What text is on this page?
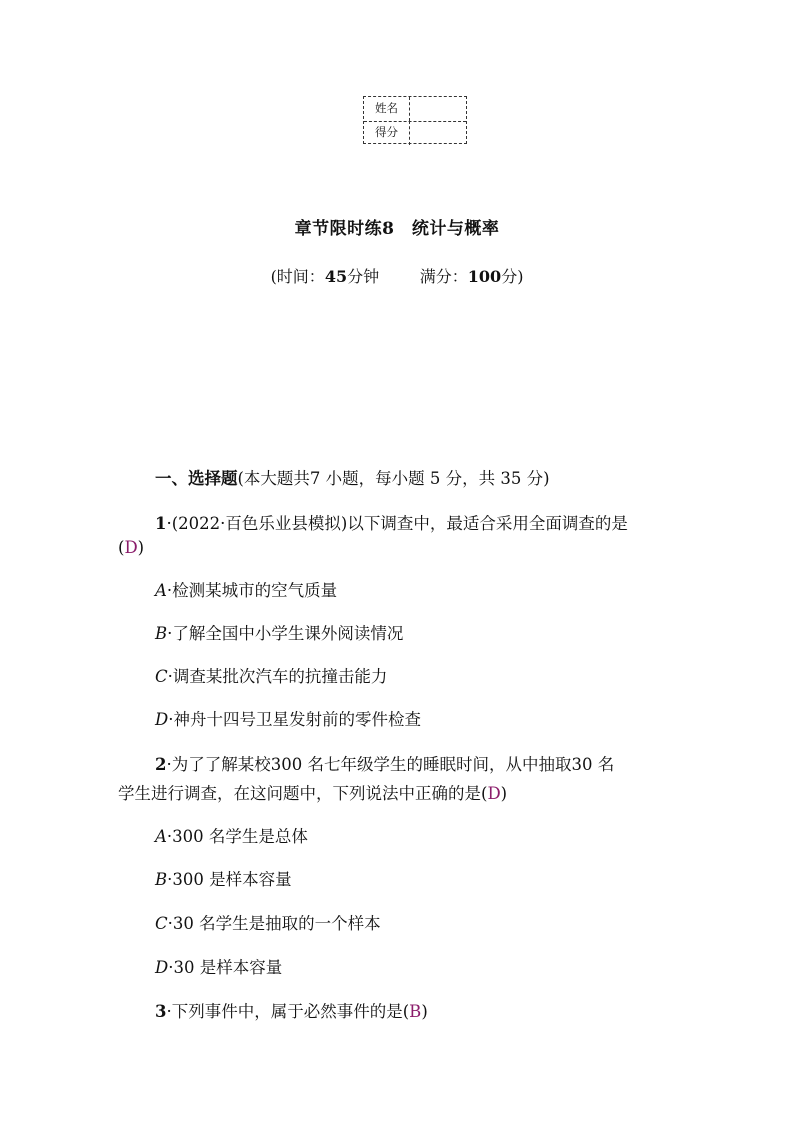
姓名
得分
章节限时练8　统计与概率
(时间：45分钟        满分：100分)
一、选择题(本大题共7 小题，每小题 5 分，共 35 分)
1·(2022·百色乐业县模拟)以下调查中，最适合采用全面调查的是
(D)
A·检测某城市的空气质量
B·了解全国中小学生课外阅读情况
C·调查某批次汽车的抗撞击能力
D·神舟十四号卫星发射前的零件检查
2·为了了解某校300 名七年级学生的睡眠时间，从中抽取30 名
学生进行调查，在这问题中，下列说法中正确的是(D)
A·300 名学生是总体
B·300 是样本容量
C·30 名学生是抽取的一个样本
D·30 是样本容量
3·下列事件中，属于必然事件的是(B)
